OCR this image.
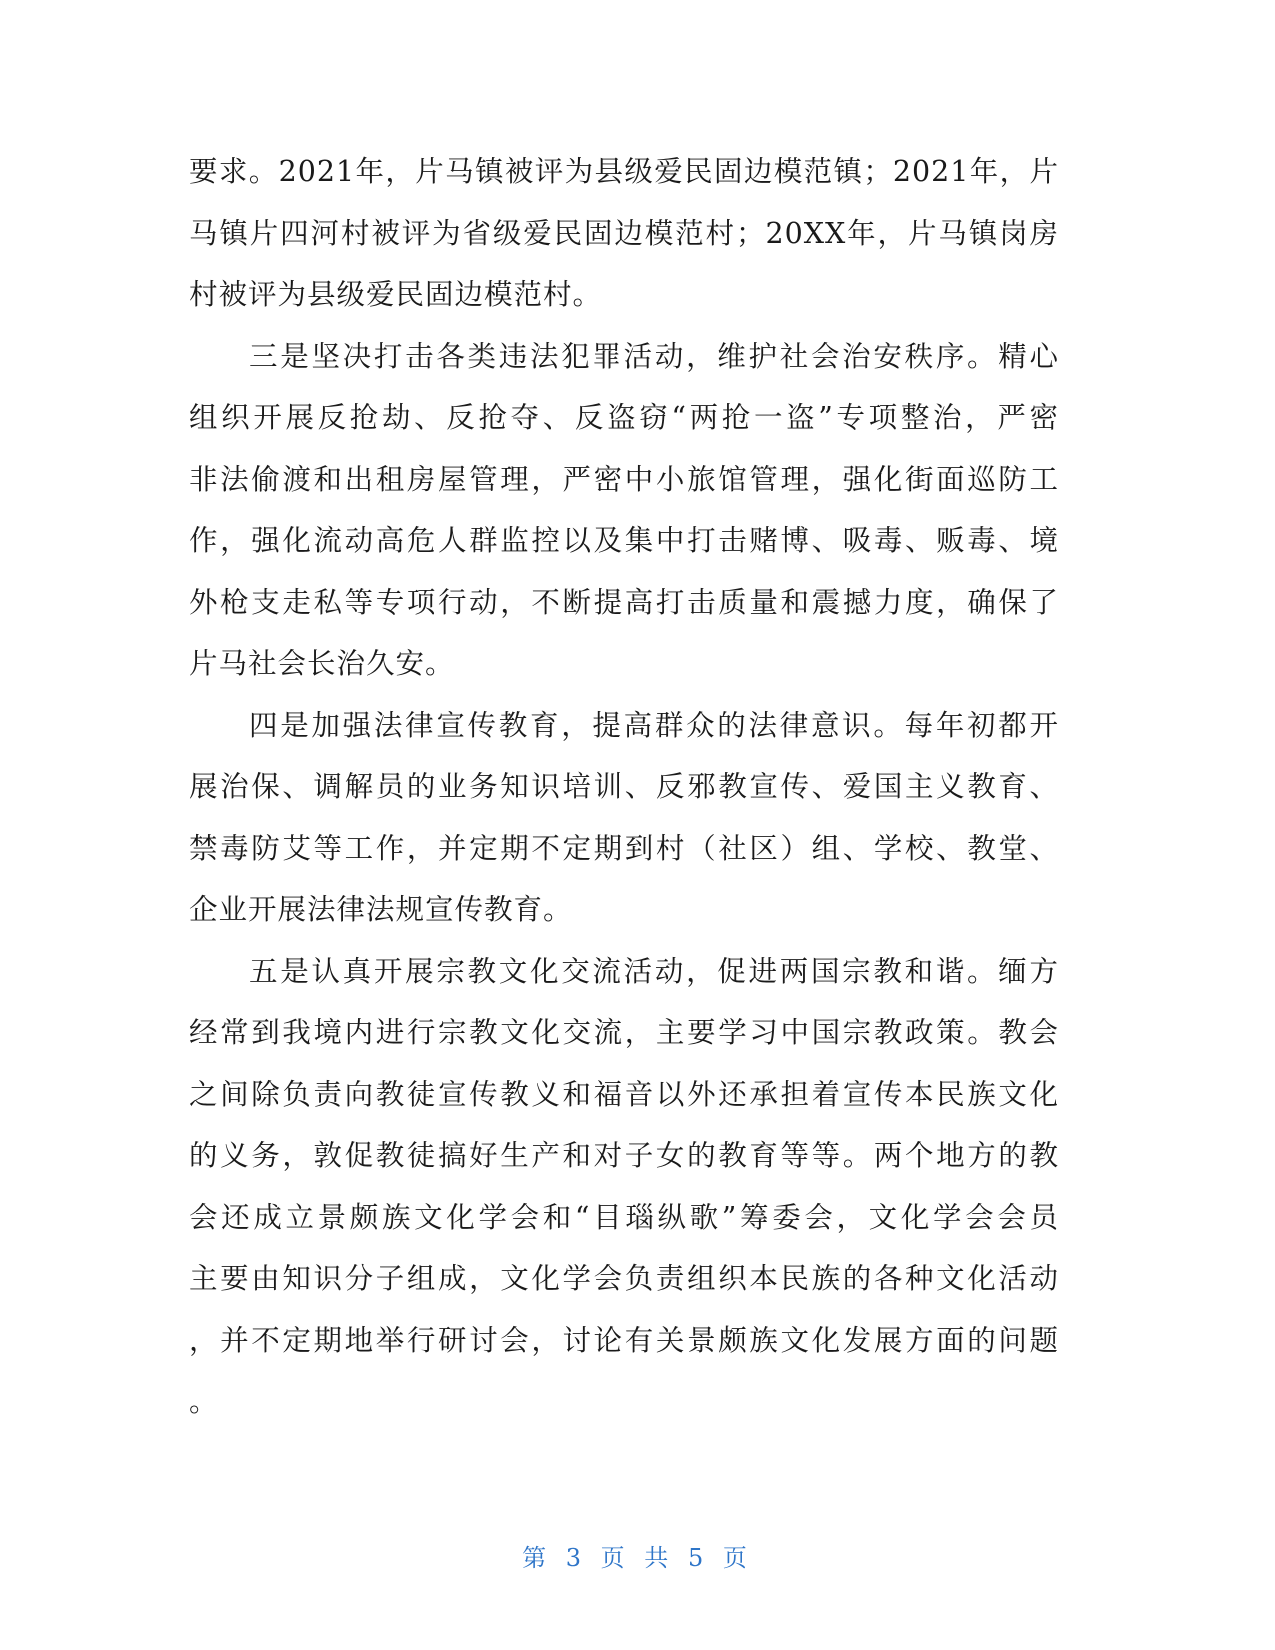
要求。2021年，片马镇被评为县级爱民固边模范镇；2021年，片
马镇片四河村被评为省级爱民固边模范村；20XX年，片马镇岗房
村被评为县级爱民固边模范村。
三是坚决打击各类违法犯罪活动，维护社会治安秩序。精心
组织开展反抢劫、反抢夺、反盗窃“两抢一盗”专项整治，严密
非法偷渡和出租房屋管理，严密中小旅馆管理，强化街面巡防工
作，强化流动高危人群监控以及集中打击赌博、吸毒、贩毒、境
外枪支走私等专项行动，不断提高打击质量和震撼力度，确保了
片马社会长治久安。
四是加强法律宣传教育，提高群众的法律意识。每年初都开
展治保、调解员的业务知识培训、反邪教宣传、爱国主义教育、
禁毒防艾等工作，并定期不定期到村（社区）组、学校、教堂、
企业开展法律法规宣传教育。
五是认真开展宗教文化交流活动，促进两国宗教和谐。缅方
经常到我境内进行宗教文化交流，主要学习中国宗教政策。教会
之间除负责向教徒宣传教义和福音以外还承担着宣传本民族文化
的义务，敦促教徒搞好生产和对子女的教育等等。两个地方的教
会还成立景颇族文化学会和“目瑙纵歌”筹委会，文化学会会员
主要由知识分子组成，文化学会负责组织本民族的各种文化活动
，并不定期地举行研讨会，讨论有关景颇族文化发展方面的问题
。
第 3 页 共 5 页
